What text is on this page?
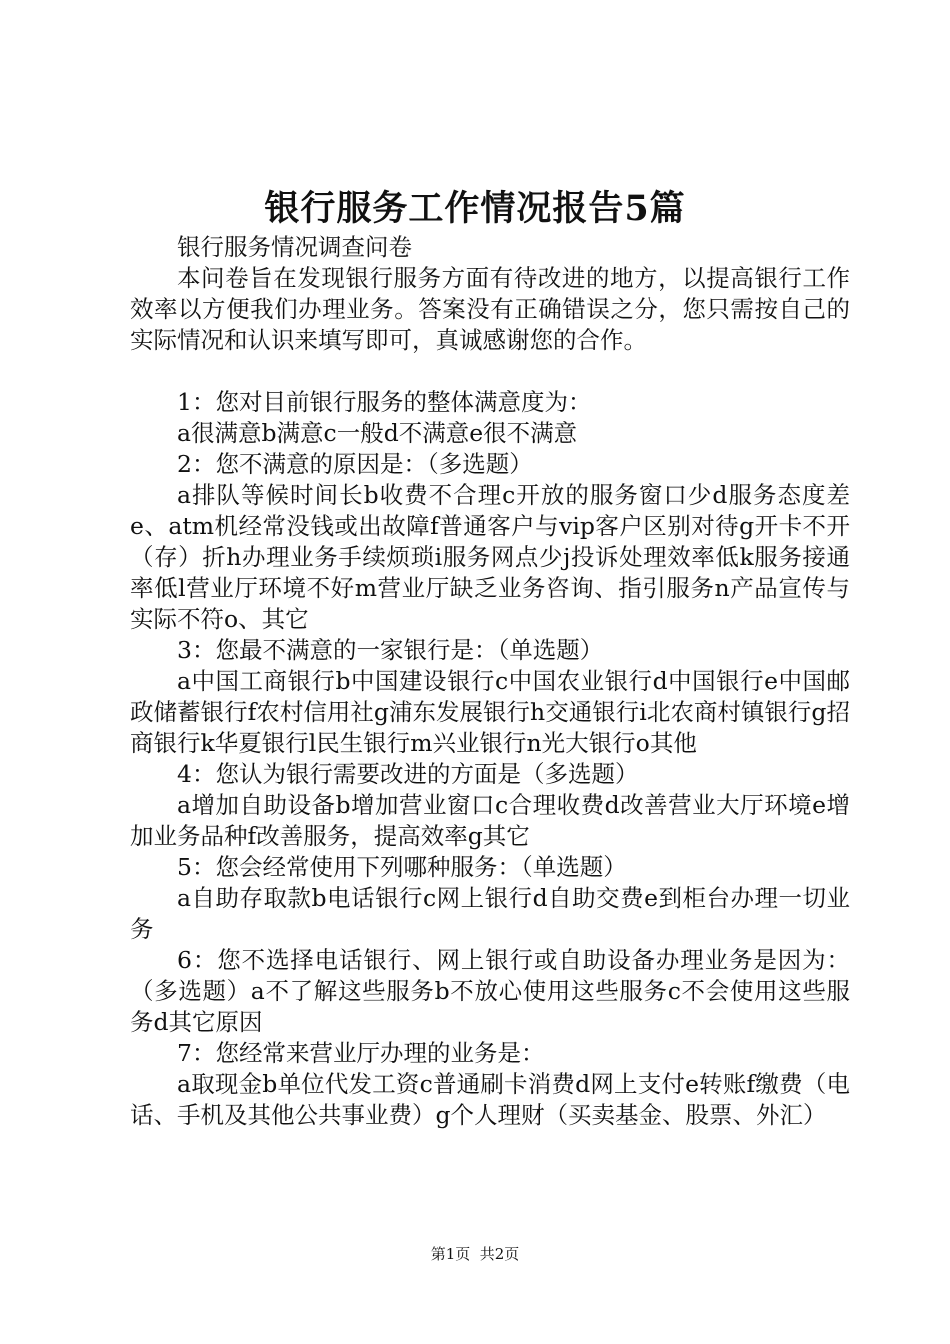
银行服务工作情况报告5篇

银行服务情况调查问卷

本问卷旨在发现银行服务方面有待改进的地方，以提高银行工作效率以方便我们办理业务。答案没有正确错误之分，您只需按自己的实际情况和认识来填写即可，真诚感谢您的合作。

1：您对目前银行服务的整体满意度为：

a很满意b满意c一般d不满意e很不满意

2：您不满意的原因是：（多选题）

a排队等候时间长b收费不合理c开放的服务窗口少d服务态度差e、atm机经常没钱或出故障f普通客户与vip客户区别对待g开卡不开（存）折h办理业务手续烦琐i服务网点少j投诉处理效率低k服务接通率低l营业厅环境不好m营业厅缺乏业务咨询、指引服务n产品宣传与实际不符o、其它

3：您最不满意的一家银行是：（单选题）

a中国工商银行b中国建设银行c中国农业银行d中国银行e中国邮政储蓄银行f农村信用社g浦东发展银行h交通银行i北农商村镇银行g招商银行k华夏银行l民生银行m兴业银行n光大银行o其他

4：您认为银行需要改进的方面是（多选题）

a增加自助设备b增加营业窗口c合理收费d改善营业大厅环境e增加业务品种f改善服务，提高效率g其它

5：您会经常使用下列哪种服务：（单选题）

a自助存取款b电话银行c网上银行d自助交费e到柜台办理一切业务

6：您不选择电话银行、网上银行或自助设备办理业务是因为：（多选题）a不了解这些服务b不放心使用这些服务c不会使用这些服务d其它原因

7：您经常来营业厅办理的业务是：

a取现金b单位代发工资c普通刷卡消费d网上支付e转账f缴费（电话、手机及其他公共事业费）g个人理财（买卖基金、股票、外汇）

第1页  共2页
